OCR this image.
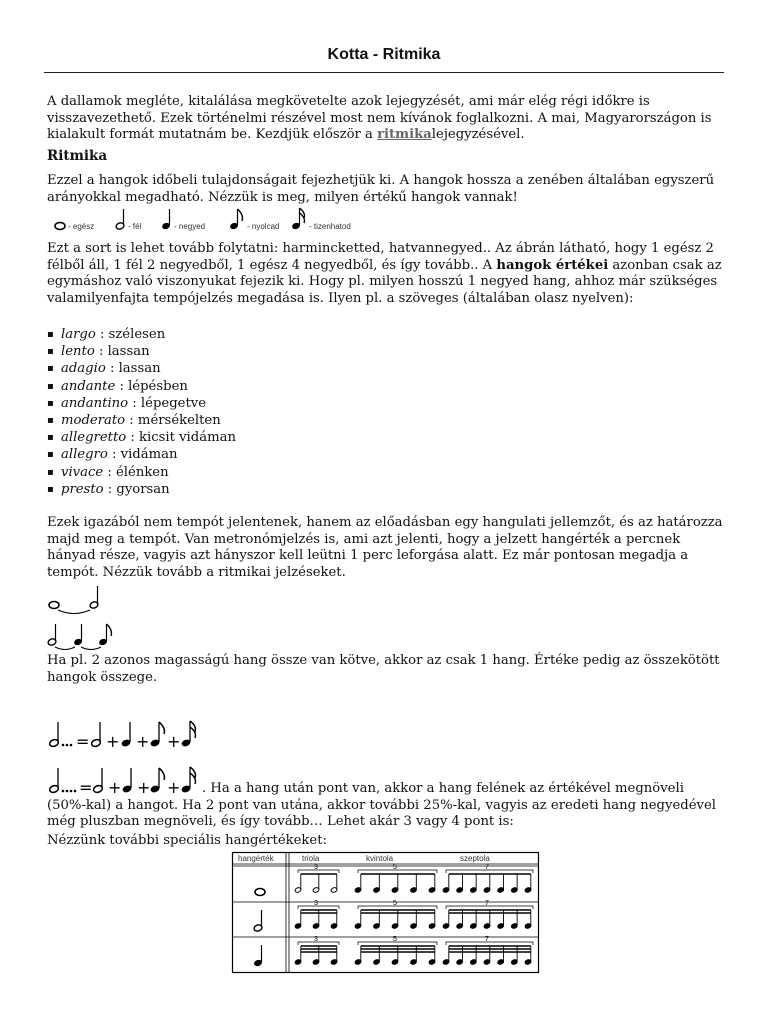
Kotta - Ritmika

A dallamok megléte, kitalálása megkövetelte azok lejegyzését, ami már elég régi időkre is visszavezethető. Ezek történelmi részével most nem kívánok foglalkozni. A mai, Magyarországon is kialakult formát mutatnám be. Kezdjük először a ritmikalejegyzésével.

Ritmika

Ezzel a hangok időbeli tulajdonságait fejezhetjük ki. A hangok hossza a zenében általában egyszerű arányokkal megadható. Nézzük is meg, milyen értékű hangok vannak!

- egész	- fél	- negyed	- nyolcad	- tizenhatod

Ezt a sort is lehet tovább folytatni: harmincketted, hatvannegyed.. Az ábrán látható, hogy 1 egész 2 félből áll, 1 fél 2 negyedből, 1 egész 4 negyedből, és így tovább.. A hangok értékei azonban csak az egymáshoz való viszonyukat fejezik ki. Hogy pl. milyen hosszú 1 negyed hang, ahhoz már szükséges valamilyenfajta tempójelzés megadása is. Ilyen pl. a szöveges (általában olasz nyelven):

▪ largo : szélesen
▪ lento : lassan
▪ adagio : lassan
▪ andante : lépésben
▪ andantino : lépegetve
▪ moderato : mérsékelten
▪ allegretto : kicsit vidáman
▪ allegro : vidáman
▪ vivace : élénken
▪ presto : gyorsan

Ezek igazából nem tempót jelentenek, hanem az előadásban egy hangulati jellemzőt, és az határozza majd meg a tempót. Van metronómjelzés is, ami azt jelenti, hogy a jelzett hangérték a percnek hányad része, vagyis azt hányszor kell leütni 1 perc leforgása alatt. Ez már pontosan megadja a tempót. Nézzük tovább a ritmikai jelzéseket.

Ha pl. 2 azonos magasságú hang össze van kötve, akkor az csak 1 hang. Értéke pedig az összekötött hangok összege.

= + + +
= + + +	. Ha a hang után pont van, akkor a hang felének az értékével megnöveli (50%-kal) a hangot. Ha 2 pont van utána, akkor további 25%-kal, vagyis az eredeti hang negyedével még pluszban megnöveli, és így tovább… Lehet akár 3 vagy 4 pont is:

Nézzünk további speciális hangértékeket:

hangérték	triola	kvintola	szeptola
3	5	7
3	5	7
3	5	7
